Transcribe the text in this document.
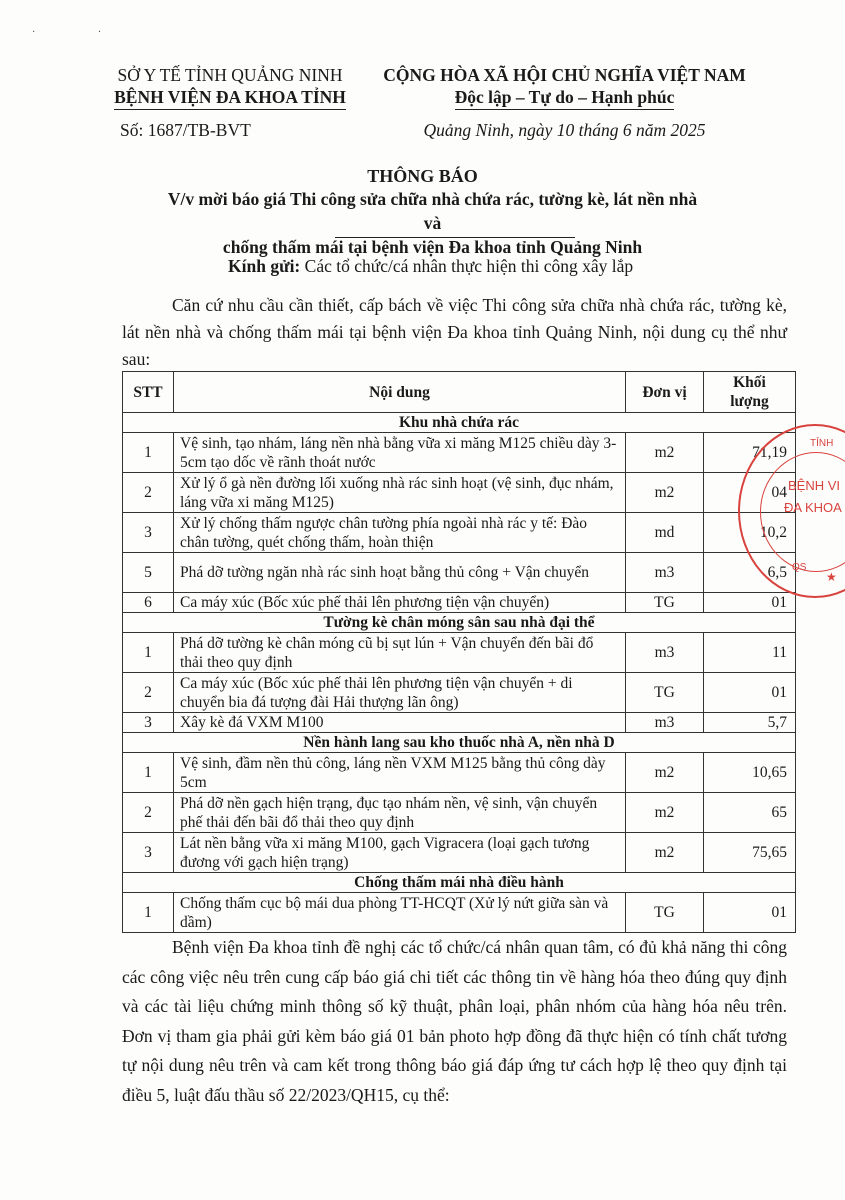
· ·
SỞ Y TẾ TỈNH QUẢNG NINH
BỆNH VIỆN ĐA KHOA TỈNH
CỘNG HÒA XÃ HỘI CHỦ NGHĨA VIỆT NAM
Độc lập – Tự do – Hạnh phúc
Số: 1687/TB-BVT	Quảng Ninh, ngày 10 tháng 6 năm 2025
THÔNG BÁO
V/v mời báo giá Thi công sửa chữa nhà chứa rác, tường kè, lát nền nhà và
chống thấm mái tại bệnh viện Đa khoa tỉnh Quảng Ninh
Kính gửi: Các tổ chức/cá nhân thực hiện thi công xây lắp
Căn cứ nhu cầu cần thiết, cấp bách về việc Thi công sửa chữa nhà chứa rác, tường kè, lát nền nhà và chống thấm mái tại bệnh viện Đa khoa tỉnh Quảng Ninh, nội dung cụ thể như sau:
STT	Nội dung	Đơn vị	Khối
lượng

Khu nhà chứa rác			
1	Vệ sinh, tạo nhám, láng nền nhà bằng vữa xi măng M125 chiều dày 3-5cm tạo dốc về rãnh thoát nước	m2	71,19
2	Xử lý ổ gà nền đường lối xuống nhà rác sinh hoạt (vệ sinh, đục nhám, láng vữa xi măng M125)	m2	04
3	Xử lý chống thấm ngược chân tường phía ngoài nhà rác y tế: Đào chân tường, quét chống thấm, hoàn thiện	md	10,2
5	Phá dỡ tường ngăn nhà rác sinh hoạt bằng thủ công + Vận chuyển	m3	6,5
6	Ca máy xúc (Bốc xúc phế thải lên phương tiện vận chuyển)	TG	01
Tường kè chân móng sân sau nhà đại thể			
1	Phá dỡ tường kè chân móng cũ bị sụt lún + Vận chuyển đến bãi đổ thải theo quy định	m3	11
2	Ca máy xúc (Bốc xúc phế thải lên phương tiện vận chuyển + di chuyển bia đá tượng đài Hải thượng lãn ông)	TG	01
3	Xây kè đá VXM M100	m3	5,7
Nền hành lang sau kho thuốc nhà A, nền nhà D			
1	Vệ sinh, đầm nền thủ công, láng nền VXM M125 bằng thủ công dày 5cm	m2	10,65
2	Phá dỡ nền gạch hiện trạng, đục tạo nhám nền, vệ sinh, vận chuyển phế thải đến bãi đổ thải theo quy định	m2	65
3	Lát nền bằng vữa xi măng M100, gạch Vigracera (loại gạch tương đương với gạch hiện trạng)	m2	75,65
Chống thấm mái nhà điều hành			
1	Chống thấm cục bộ mái dua phòng TT-HCQT (Xử lý nứt giữa sàn và dầm)	TG	01
TỈNH
BỆNH VI
ĐA KHOA
QS
★
Bệnh viện Đa khoa tỉnh đề nghị các tổ chức/cá nhân quan tâm, có đủ khả năng thi công các công việc nêu trên cung cấp báo giá chi tiết các thông tin về hàng hóa theo đúng quy định và các tài liệu chứng minh thông số kỹ thuật, phân loại, phân nhóm của hàng hóa nêu trên. Đơn vị tham gia phải gửi kèm báo giá 01 bản photo hợp đồng đã thực hiện có tính chất tương tự nội dung nêu trên và cam kết trong thông báo giá đáp ứng tư cách hợp lệ theo quy định tại điều 5, luật đấu thầu số 22/2023/QH15, cụ thể:
